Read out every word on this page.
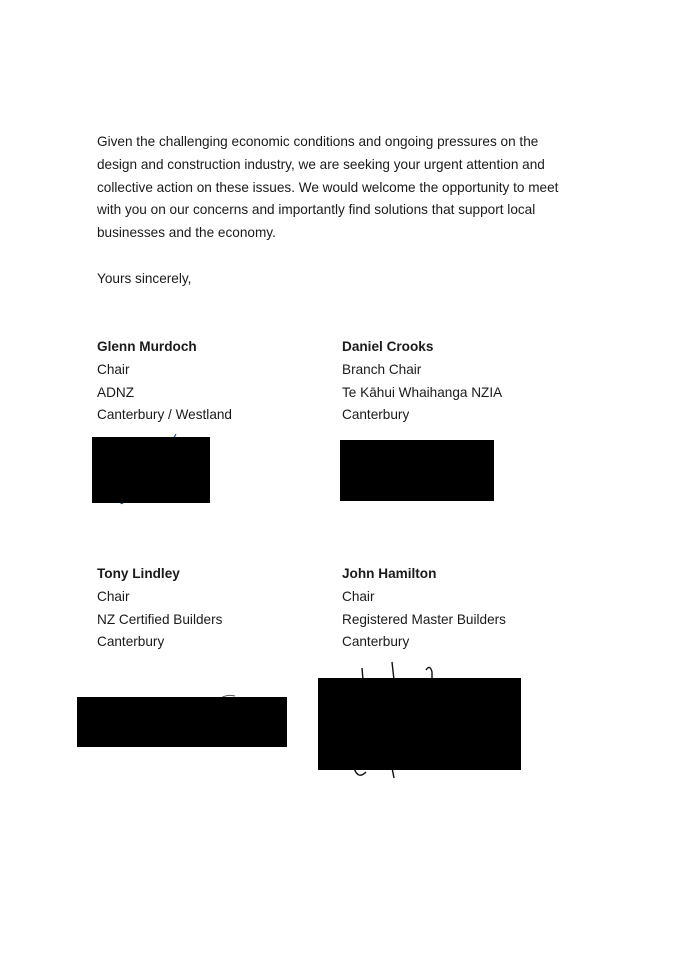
Given the challenging economic conditions and ongoing pressures on the design and construction industry, we are seeking your urgent attention and collective action on these issues. We would welcome the opportunity to meet with you on our concerns and importantly find solutions that support local businesses and the economy.

Yours sincerely,

Glenn Murdoch
Chair
ADNZ
Canterbury / Westland
Daniel Crooks
Branch Chair
Te Kāhui Whaihanga NZIA
Canterbury
Tony Lindley
Chair
NZ Certified Builders
Canterbury
John Hamilton
Chair
Registered Master Builders
Canterbury
